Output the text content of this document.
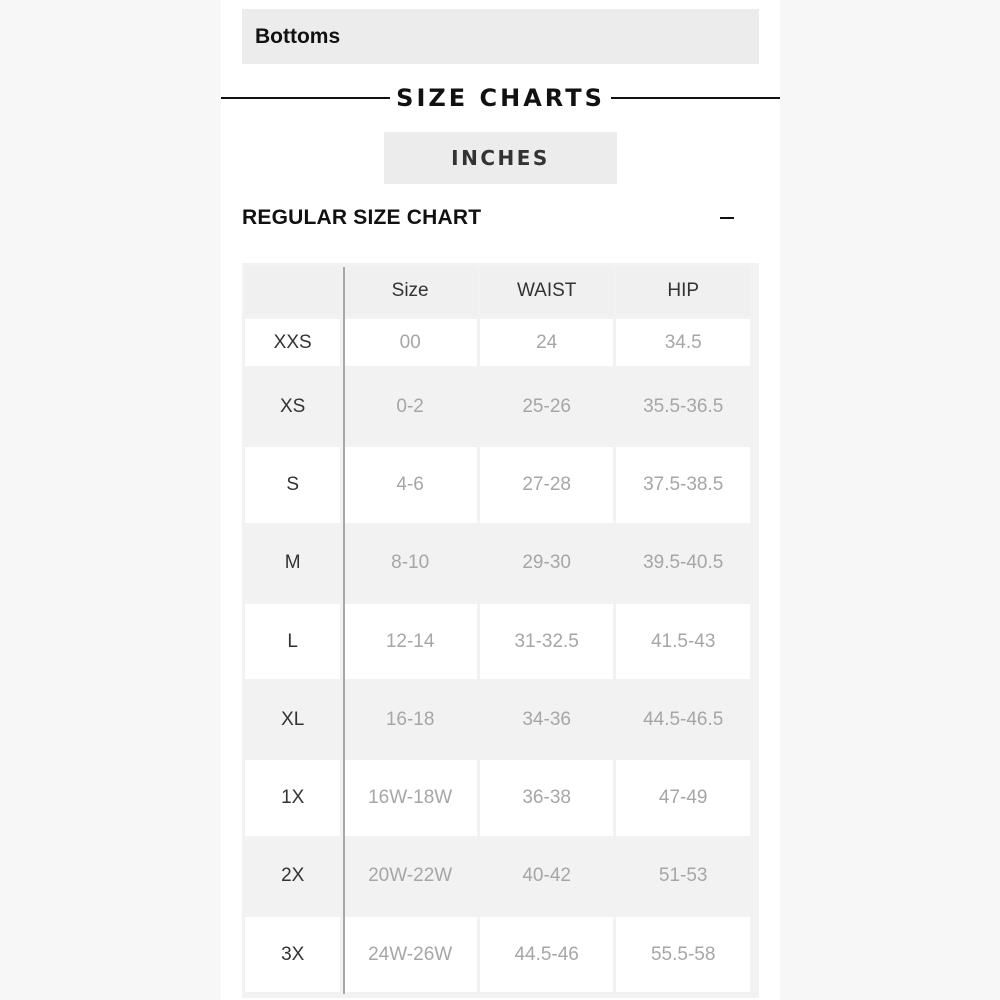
Bottoms
SIZE CHARTS
INCHES
REGULAR SIZE CHART
	Size	WAIST	HIP
XXS	00	24	34.5
XS	0-2	25-26	35.5-36.5
S	4-6	27-28	37.5-38.5
M	8-10	29-30	39.5-40.5
L	12-14	31-32.5	41.5-43
XL	16-18	34-36	44.5-46.5
1X	16W-18W	36-38	47-49
2X	20W-22W	40-42	51-53
3X	24W-26W	44.5-46	55.5-58
